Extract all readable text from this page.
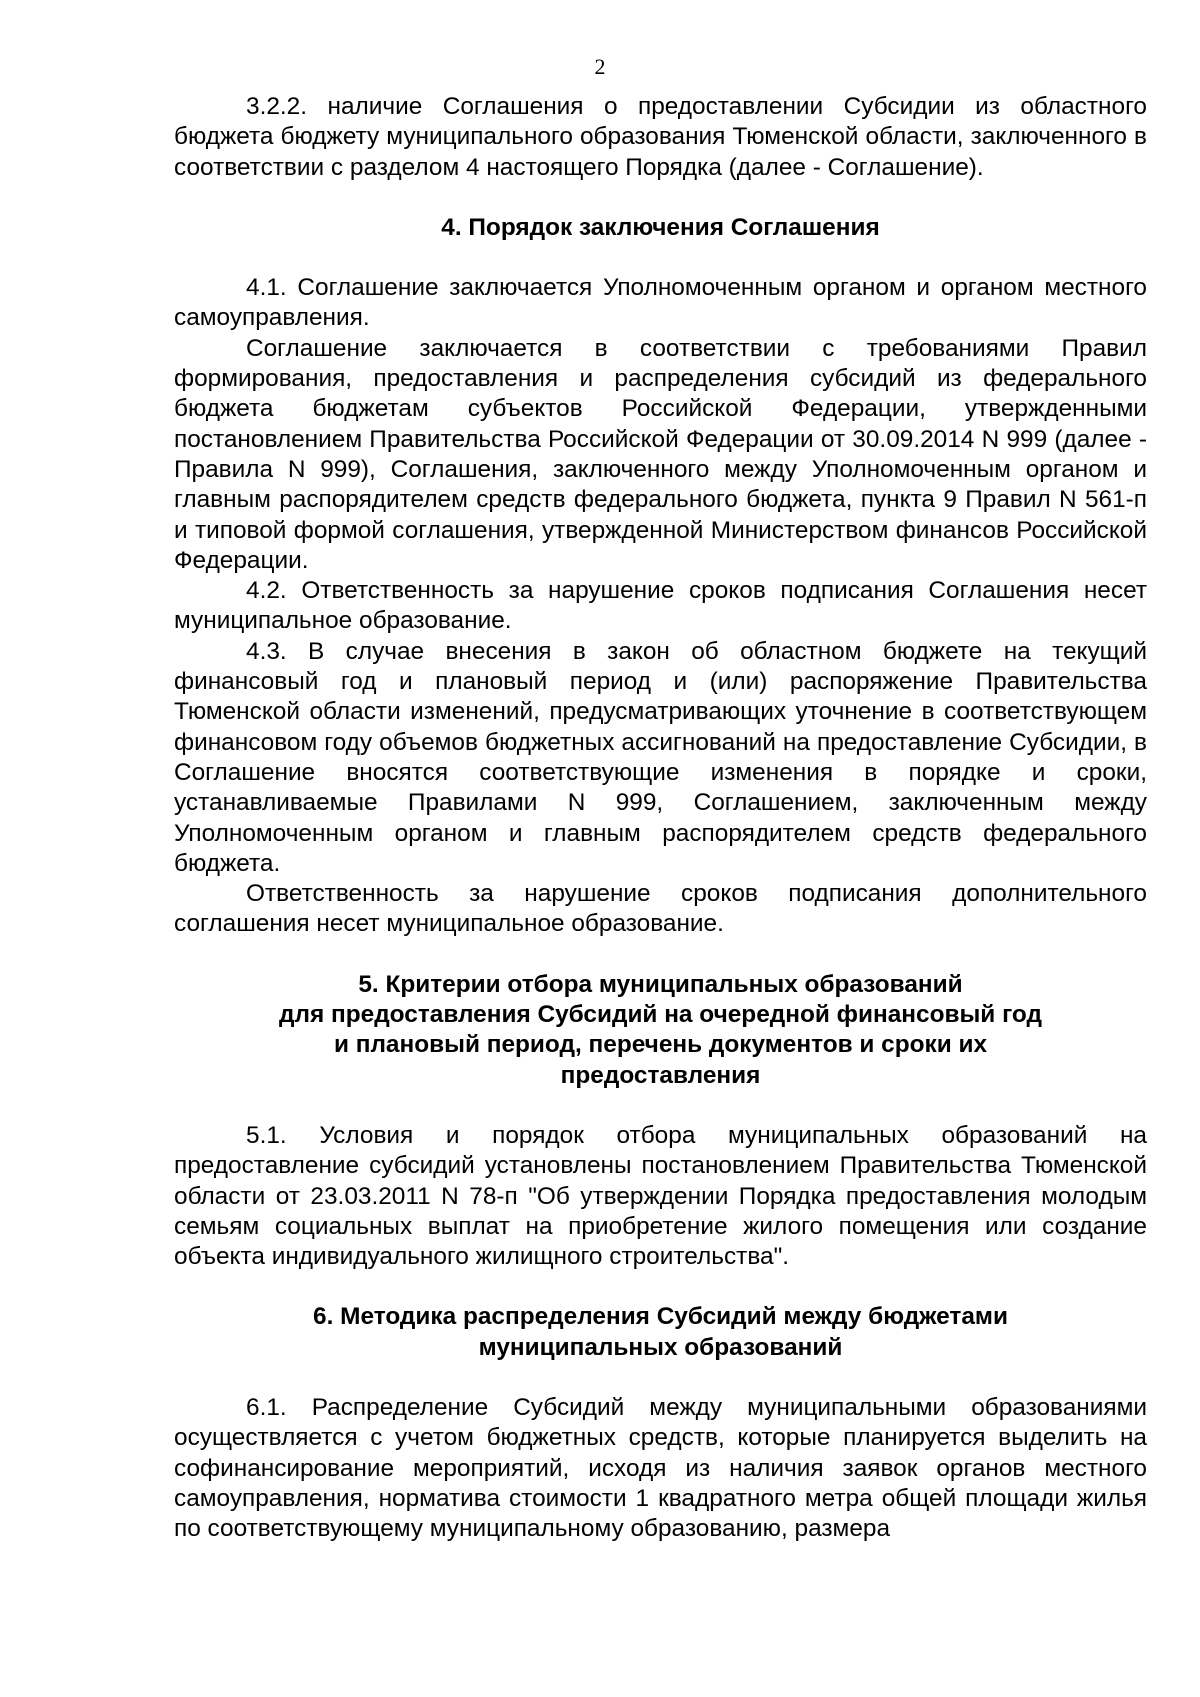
2

3.2.2. наличие Соглашения о предоставлении Субсидии из областного бюджета бюджету муниципального образования Тюменской области, заключенного в соответствии с разделом 4 настоящего Порядка (далее - Соглашение).

4. Порядок заключения Соглашения

4.1. Соглашение заключается Уполномоченным органом и органом местного самоуправления.

Соглашение заключается в соответствии с требованиями Правил формирования, предоставления и распределения субсидий из федерального бюджета бюджетам субъектов Российской Федерации, утвержденными постановлением Правительства Российской Федерации от 30.09.2014 N 999 (далее - Правила N 999), Соглашения, заключенного между Уполномоченным органом и главным распорядителем средств федерального бюджета, пункта 9 Правил N 561-п и типовой формой соглашения, утвержденной Министерством финансов Российской Федерации.

4.2. Ответственность за нарушение сроков подписания Соглашения несет муниципальное образование.

4.3. В случае внесения в закон об областном бюджете на текущий финансовый год и плановый период и (или) распоряжение Правительства Тюменской области изменений, предусматривающих уточнение в соответствующем финансовом году объемов бюджетных ассигнований на предоставление Субсидии, в Соглашение вносятся соответствующие изменения в порядке и сроки, устанавливаемые Правилами N 999, Соглашением, заключенным между Уполномоченным органом и главным распорядителем средств федерального бюджета.

Ответственность за нарушение сроков подписания дополнительного соглашения несет муниципальное образование.

5. Критерии отбора муниципальных образований
для предоставления Субсидий на очередной финансовый год
и плановый период, перечень документов и сроки их
предоставления

5.1. Условия и порядок отбора муниципальных образований на предоставление субсидий установлены постановлением Правительства Тюменской области от 23.03.2011 N 78-п "Об утверждении Порядка предоставления молодым семьям социальных выплат на приобретение жилого помещения или создание объекта индивидуального жилищного строительства".

6. Методика распределения Субсидий между бюджетами
муниципальных образований

6.1. Распределение Субсидий между муниципальными образованиями осуществляется с учетом бюджетных средств, которые планируется выделить на софинансирование мероприятий, исходя из наличия заявок органов местного самоуправления, норматива стоимости 1 квадратного метра общей площади жилья по соответствующему муниципальному образованию, размера
